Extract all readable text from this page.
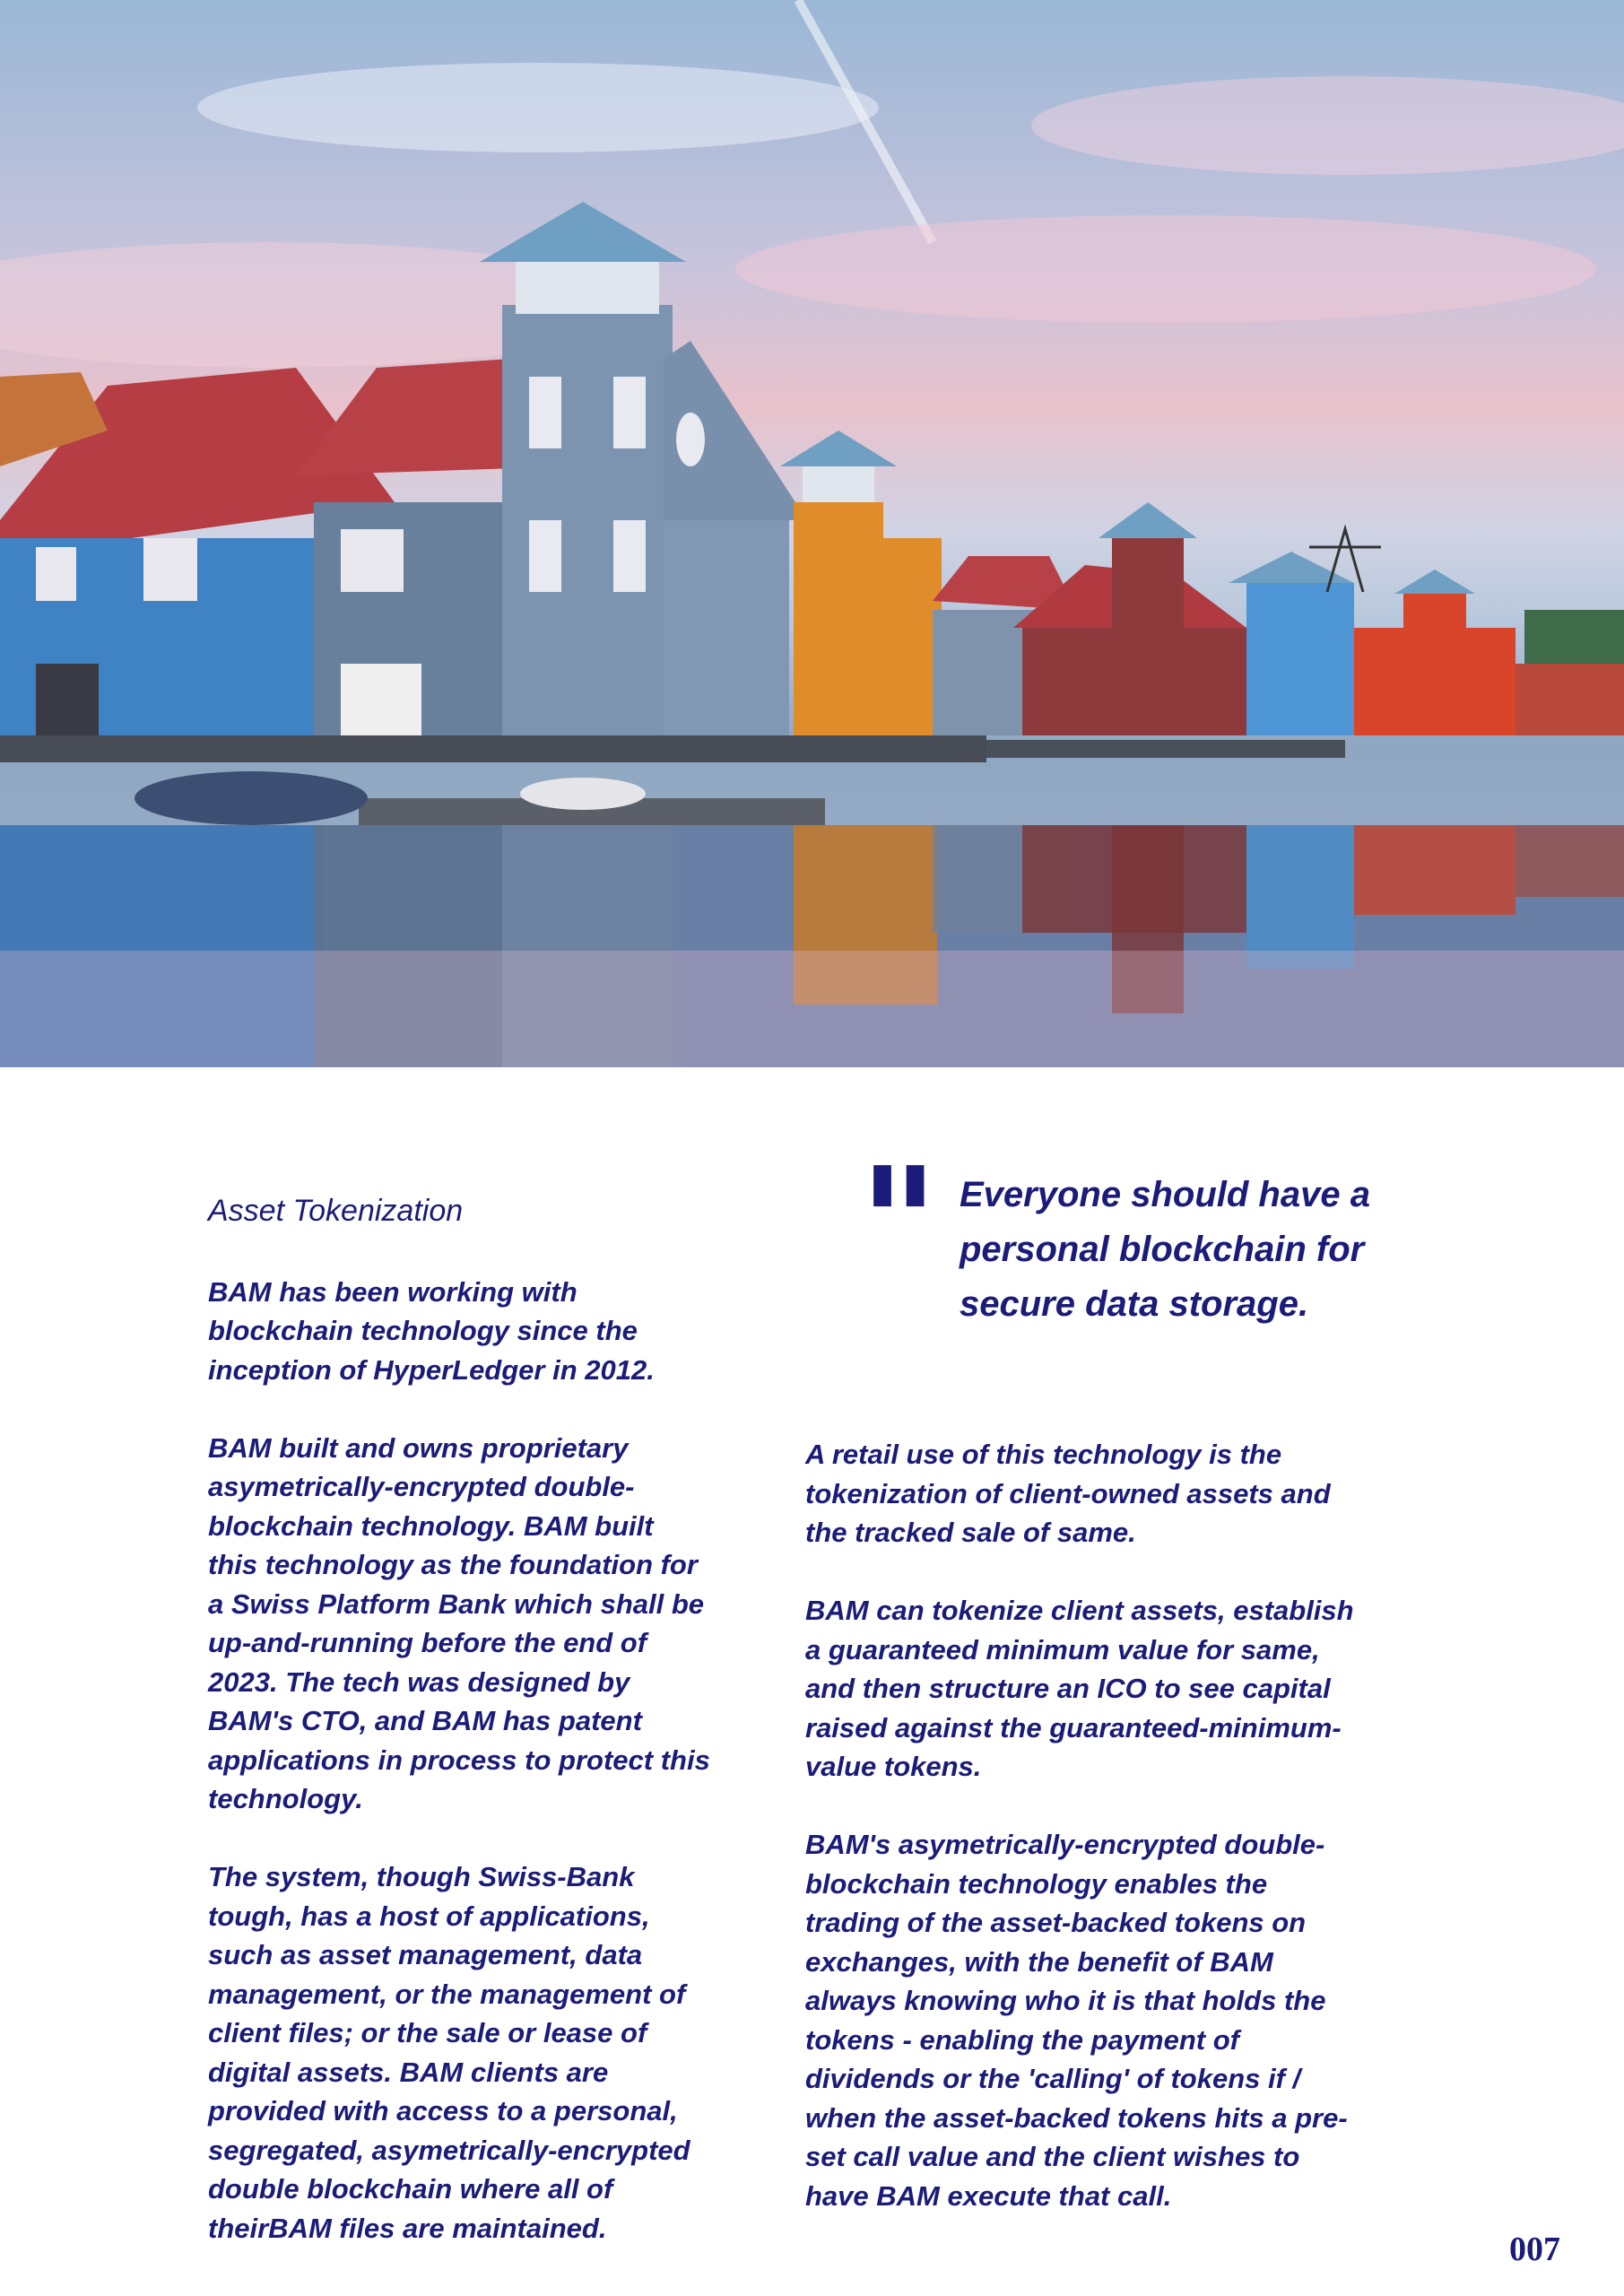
Asset Tokenization

BAM has been working with blockchain technology since the inception of HyperLedger in 2012.

BAM built and owns proprietary asymetrically-encrypted double-blockchain technology. BAM built this technology as the foundation for a Swiss Platform Bank which shall be up-and-running before the end of 2023. The tech was designed by BAM's CTO, and BAM has patent applications in process to protect this technology.

The system, though Swiss-Bank tough, has a host of applications, such as asset management, data management, or the management of client files; or the sale or lease of digital assets. BAM clients are provided with access to a personal, segregated, asymetrically-encrypted double blockchain where all of theirBAM files are maintained.

" Everyone should have a personal blockchain for secure data storage.

A retail use of this technology is the tokenization of client-owned assets and the tracked sale of same.

BAM can tokenize client assets, establish a guaranteed minimum value for same, and then structure an ICO to see capital raised against the guaranteed-minimum-value tokens.

BAM's asymetrically-encrypted double-blockchain technology enables the trading of the asset-backed tokens on exchanges, with the benefit of BAM always knowing who it is that holds the tokens - enabling the payment of dividends or the 'calling' of tokens if / when the asset-backed tokens hits a pre-set call value and the client wishes to have BAM execute that call.

007
